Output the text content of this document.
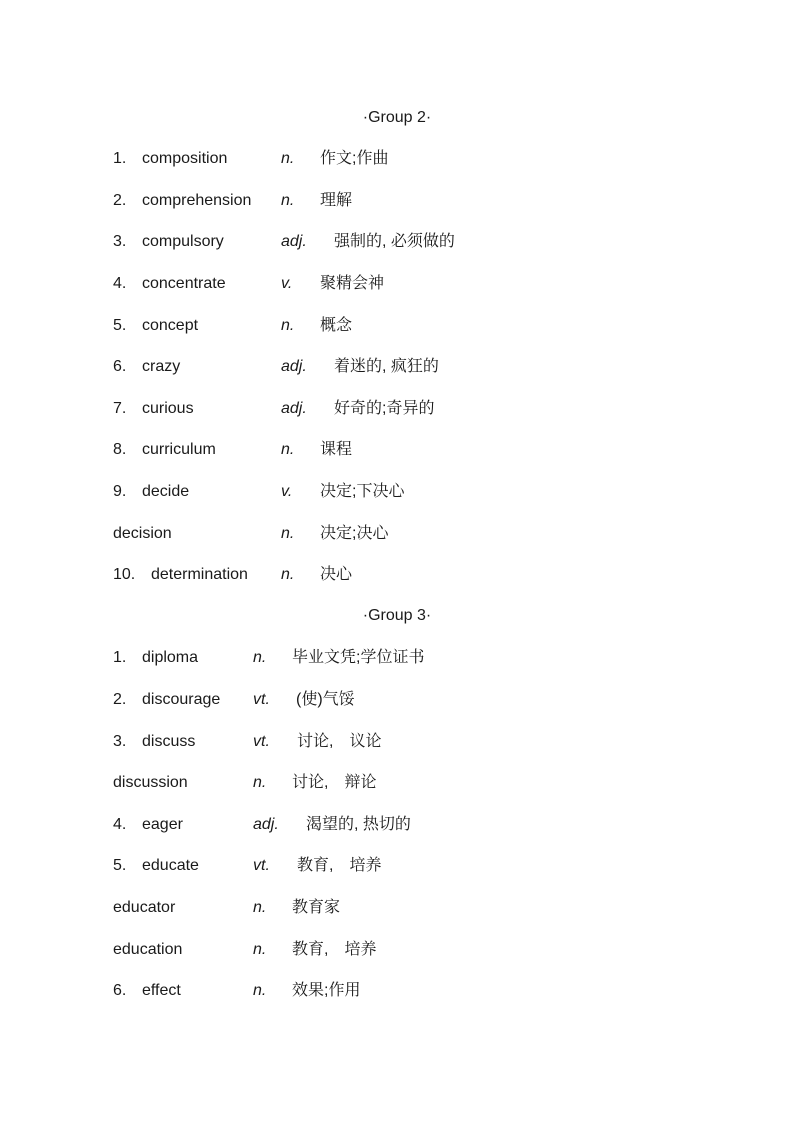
·Group 2·
1. composition	n. 作文;作曲
2. comprehension n. 理解
3. compulsory	adj. 强制的, 必须做的
4. concentrate	v. 聚精会神
5. concept	n. 概念
6. crazy	adj. 着迷的, 疯狂的
7. curious	adj. 好奇的;奇异的
8. curriculum	n. 课程
9. decide	v. 决定;下决心
decision	n. 决定;决心
10. determination n. 决心
·Group 3·
1. diploma	n. 毕业文凭;学位证书
2. discourage vt. (使)气馁
3. discuss	vt. 讨论,　议论
discussion	n. 讨论,　辩论
4. eager	adj. 渴望的, 热切的
5. educate	vt. 教育,　培养
educator	n. 教育家
education	n. 教育,　培养
6. effect	n. 效果;作用
